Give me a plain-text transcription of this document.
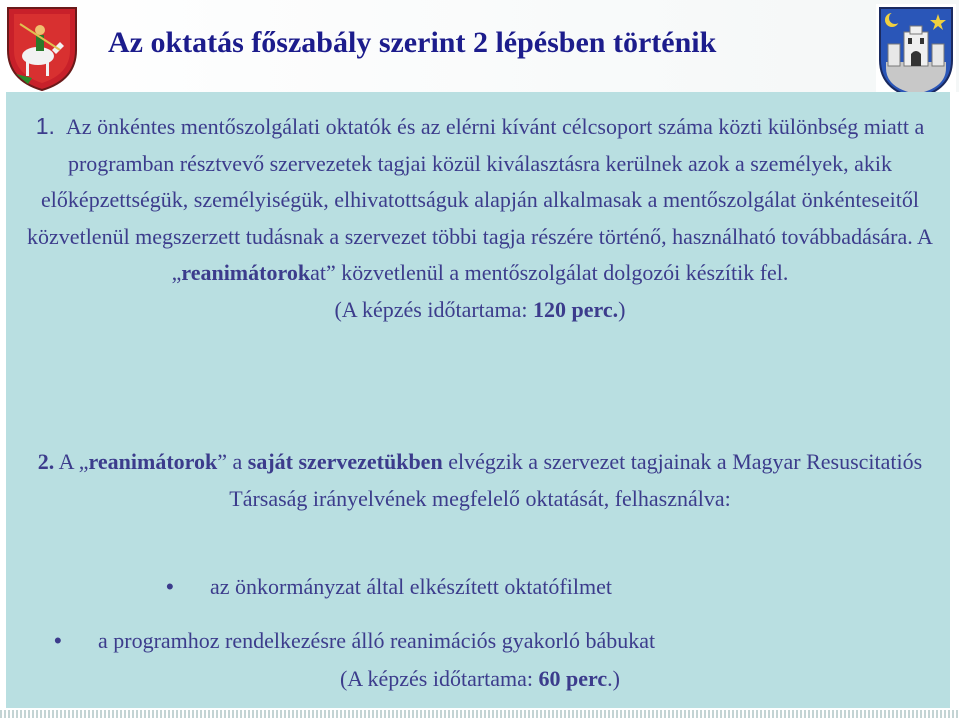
Az oktatás főszabály szerint 2 lépésben történik
1. Az önkéntes mentőszolgálati oktatók és az elérni kívánt célcsoport száma közti különbség miatt a programban résztvevő szervezetek tagjai közül kiválasztásra kerülnek azok a személyek, akik előképzettségük, személyiségük, elhivatottságuk alapján alkalmasak a mentőszolgálat önkénteseitől közvetlenül megszerzett tudásnak a szervezet többi tagja részére történő, használható továbbadására. A „reanimátorokat” közvetlenül a mentőszolgálat dolgozói készítik fel.
(A képzés időtartama: 120 perc.)
2. A „reanimátorok” a saját szervezetükben elvégzik a szervezet tagjainak a Magyar Resuscitatiós Társaság irányelvének megfelelő oktatását, felhasználva:
• az önkormányzat által elkészített oktatófilmet
• a programhoz rendelkezésre álló reanimációs gyakorló bábukat
(A képzés időtartama: 60 perc.)
